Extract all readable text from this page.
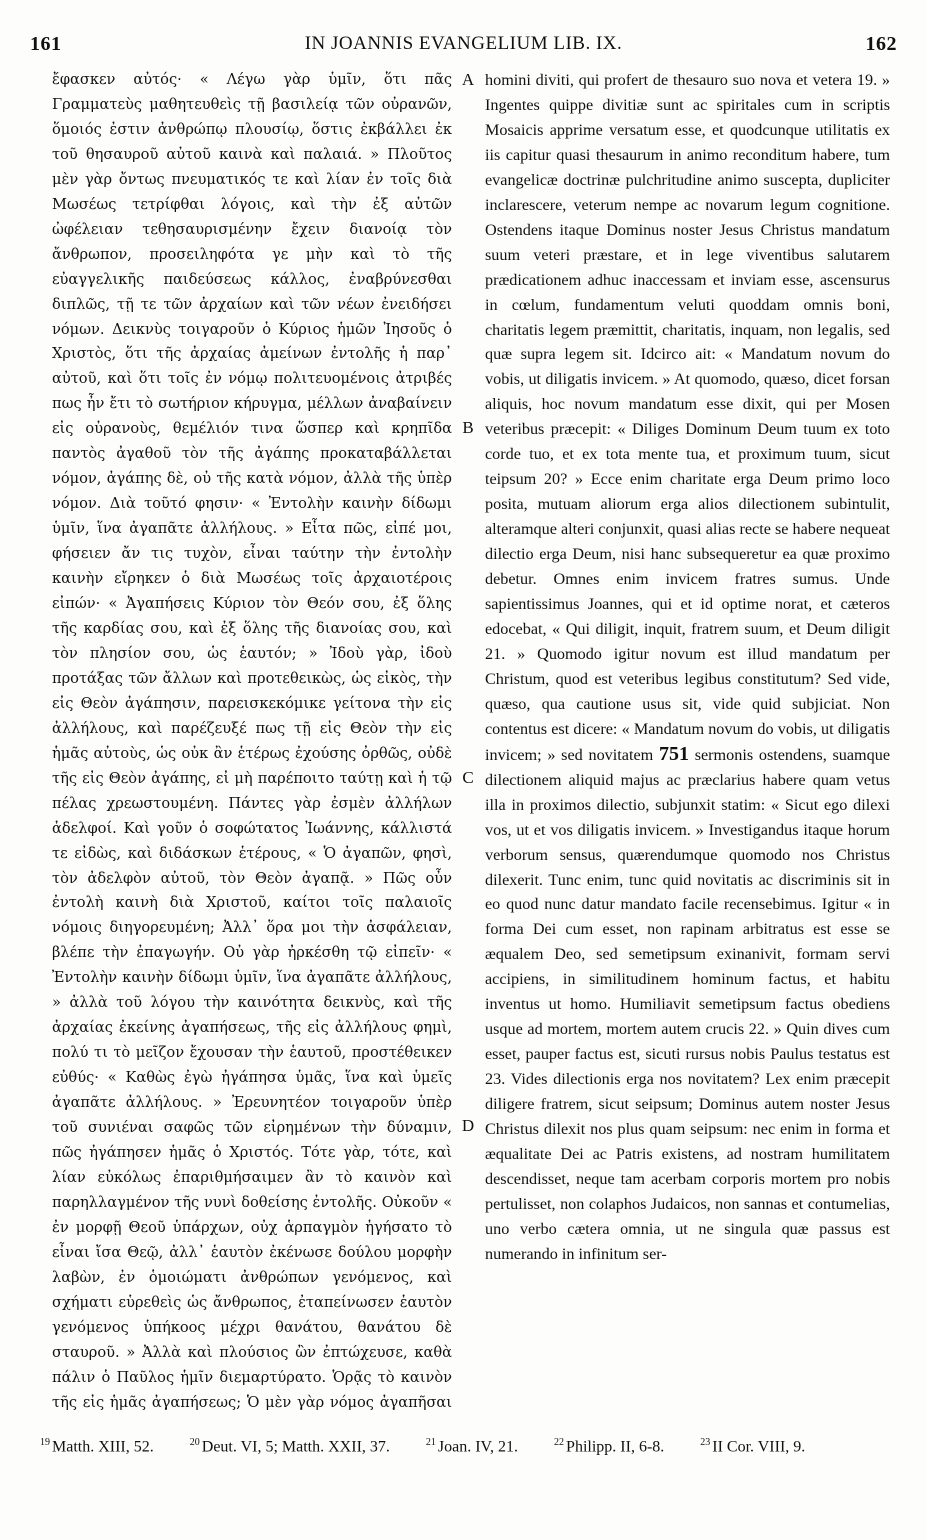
161	IN JOANNIS EVANGELIUM LIB. IX.	162

ἔφασκεν αὐτός· « Λέγω γὰρ ὑμῖν, ὅτι πᾶς Γραμματεὺς μαθητευθεὶς τῇ βασιλείᾳ τῶν οὐρανῶν, ὅμοιός ἐστιν ἀνθρώπῳ πλουσίῳ, ὅστις ἐκβάλλει ἐκ τοῦ θησαυροῦ αὐτοῦ καινὰ καὶ παλαιά. » Πλοῦτος μὲν γὰρ ὄντως πνευματικός τε καὶ λίαν ἐν τοῖς διὰ Μωσέως τετρίφθαι λόγοις, καὶ τὴν ἐξ αὐτῶν ὠφέλειαν τεθησαυρισμένην ἔχειν διανοίᾳ τὸν ἄνθρωπον, προσειληφότα γε μὴν καὶ τὸ τῆς εὐαγγελικῆς παιδεύσεως κάλλος, ἐναβρύνεσθαι διπλῶς, τῇ τε τῶν ἀρχαίων καὶ τῶν νέων ἐνειδήσει νόμων. Δεικνὺς τοιγαροῦν ὁ Κύριος ἡμῶν Ἰησοῦς ὁ Χριστὸς, ὅτι τῆς ἀρχαίας ἀμείνων ἐντολῆς ἡ παρ᾽ αὐτοῦ, καὶ ὅτι τοῖς ἐν νόμῳ πολιτευομένοις ἀτριβές πως ἦν ἔτι τὸ σωτήριον κήρυγμα, μέλλων ἀναβαίνειν εἰς οὐρανοὺς, θεμέλιόν τινα ὥσπερ καὶ κρηπῖδα παντὸς ἀγαθοῦ τὸν τῆς ἀγάπης προκαταβάλλεται νόμον, ἀγάπης δὲ, οὐ τῆς κατὰ νόμον, ἀλλὰ τῆς ὑπὲρ νόμον. Διὰ τοῦτό φησιν· « Ἐντολὴν καινὴν δίδωμι ὑμῖν, ἵνα ἀγαπᾶτε ἀλλήλους. » Εἶτα πῶς, εἰπέ μοι, φήσειεν ἄν τις τυχὸν, εἶναι ταύτην τὴν ἐντολὴν καινὴν εἴρηκεν ὁ διὰ Μωσέως τοῖς ἀρχαιοτέροις εἰπών· « Ἀγαπήσεις Κύριον τὸν Θεόν σου, ἐξ ὅλης τῆς καρδίας σου, καὶ ἐξ ὅλης τῆς διανοίας σου, καὶ τὸν πλησίον σου, ὡς ἑαυτόν; » Ἰδοὺ γὰρ, ἰδοὺ προτάξας τῶν ἄλλων καὶ προτεθεικὼς, ὡς εἰκὸς, τὴν εἰς Θεὸν ἀγάπησιν, παρεισκεκόμικε γείτονα τὴν εἰς ἀλλήλους, καὶ παρέζευξέ πως τῇ εἰς Θεὸν τὴν εἰς ἡμᾶς αὐτοὺς, ὡς οὐκ ἂν ἑτέρως ἐχούσης ὀρθῶς, οὐδὲ τῆς εἰς Θεὸν ἀγάπης, εἰ μὴ παρέποιτο ταύτῃ καὶ ἡ τῷ πέλας χρεωστουμένη. Πάντες γὰρ ἐσμὲν ἀλλήλων ἀδελφοί. Καὶ γοῦν ὁ σοφώτατος Ἰωάννης, κάλλιστά τε εἰδὼς, καὶ διδάσκων ἑτέρους, « Ὁ ἀγαπῶν, φησὶ, τὸν ἀδελφὸν αὐτοῦ, τὸν Θεὸν ἀγαπᾷ. » Πῶς οὖν ἐντολὴ καινὴ διὰ Χριστοῦ, καίτοι τοῖς παλαιοῖς νόμοις διηγορευμένη; Ἀλλ᾽ ὅρα μοι τὴν ἀσφάλειαν, βλέπε τὴν ἐπαγωγήν. Οὐ γὰρ ἠρκέσθη τῷ εἰπεῖν· « Ἐντολὴν καινὴν δίδωμι ὑμῖν, ἵνα ἀγαπᾶτε ἀλλήλους, » ἀλλὰ τοῦ λόγου τὴν καινότητα δεικνὺς, καὶ τῆς ἀρχαίας ἐκείνης ἀγαπήσεως, τῆς εἰς ἀλλήλους φημὶ, πολύ τι τὸ μεῖζον ἔχουσαν τὴν ἑαυτοῦ, προστέθεικεν εὐθύς· « Καθὼς ἐγὼ ἠγάπησα ὑμᾶς, ἵνα καὶ ὑμεῖς ἀγαπᾶτε ἀλλήλους. » Ἐρευνητέον τοιγαροῦν ὑπὲρ τοῦ συνιέναι σαφῶς τῶν εἰρημένων τὴν δύναμιν, πῶς ἠγάπησεν ἡμᾶς ὁ Χριστός. Τότε γὰρ, τότε, καὶ λίαν εὐκόλως ἐπαριθμήσαιμεν ἂν τὸ καινὸν καὶ παρηλλαγμένον τῆς νυνὶ δοθείσης ἐντολῆς. Οὐκοῦν « ἐν μορφῇ Θεοῦ ὑπάρχων, οὐχ ἁρπαγμὸν ἡγήσατο τὸ εἶναι ἴσα Θεῷ, ἀλλ᾽ ἑαυτὸν ἐκένωσε δούλου μορφὴν λαβὼν, ἐν ὁμοιώματι ἀνθρώπων γενόμενος, καὶ σχήματι εὑρεθεὶς ὡς ἄνθρωπος, ἐταπείνωσεν ἑαυτὸν γενόμενος ὑπήκοος μέχρι θανάτου, θανάτου δὲ σταυροῦ. » Ἀλλὰ καὶ πλούσιος ὢν ἐπτώχευσε, καθὰ πάλιν ὁ Παῦλος ἡμῖν διεμαρτύρατο. Ὁρᾷς τὸ καινὸν τῆς εἰς ἡμᾶς ἀγαπήσεως; Ὁ μὲν γὰρ νόμος ἀγαπῆσαι

A
B
C
D

homini diviti, qui profert de thesauro suo nova et vetera 19. » Ingentes quippe divitiæ sunt ac spiritales cum in scriptis Mosaicis apprime versatum esse, et quodcunque utilitatis ex iis capitur quasi thesaurum in animo reconditum habere, tum evangelicæ doctrinæ pulchritudine animo suscepta, dupliciter inclarescere, veterum nempe ac novarum legum cognitione. Ostendens itaque Dominus noster Jesus Christus mandatum suum veteri præstare, et in lege viventibus salutarem prædicationem adhuc inaccessam et inviam esse, ascensurus in cœlum, fundamentum veluti quoddam omnis boni, charitatis legem præmittit, charitatis, inquam, non legalis, sed quæ supra legem sit. Idcirco ait: « Mandatum novum do vobis, ut diligatis invicem. » At quomodo, quæso, dicet forsan aliquis, hoc novum mandatum esse dixit, qui per Mosen veteribus præcepit: « Diliges Dominum Deum tuum ex toto corde tuo, et ex tota mente tua, et proximum tuum, sicut teipsum 20? » Ecce enim charitate erga Deum primo loco posita, mutuam aliorum erga alios dilectionem subintulit, alteramque alteri conjunxit, quasi alias recte se habere nequeat dilectio erga Deum, nisi hanc subsequeretur ea quæ proximo debetur. Omnes enim invicem fratres sumus. Unde sapientissimus Joannes, qui et id optime norat, et cæteros edocebat, « Qui diligit, inquit, fratrem suum, et Deum diligit 21. » Quomodo igitur novum est illud mandatum per Christum, quod est veteribus legibus constitutum? Sed vide, quæso, qua cautione usus sit, vide quid subjiciat. Non contentus est dicere: « Mandatum novum do vobis, ut diligatis invicem; » sed novitatem 751 sermonis ostendens, suamque dilectionem aliquid majus ac præclarius habere quam vetus illa in proximos dilectio, subjunxit statim: « Sicut ego dilexi vos, ut et vos diligatis invicem. » Investigandus itaque horum verborum sensus, quærendumque quomodo nos Christus dilexerit. Tunc enim, tunc quid novitatis ac discriminis sit in eo quod nunc datur mandato facile recensebimus. Igitur « in forma Dei cum esset, non rapinam arbitratus est esse se æqualem Deo, sed semetipsum exinanivit, formam servi accipiens, in similitudinem hominum factus, et habitu inventus ut homo. Humiliavit semetipsum factus obediens usque ad mortem, mortem autem crucis 22. » Quin dives cum esset, pauper factus est, sicuti rursus nobis Paulus testatus est 23. Vides dilectionis erga nos novitatem? Lex enim præcepit diligere fratrem, sicut seipsum; Dominus autem noster Jesus Christus dilexit nos plus quam seipsum: nec enim in forma et æqualitate Dei ac Patris existens, ad nostram humilitatem descendisset, neque tam acerbam corporis mortem pro nobis pertulisset, non colaphos Judaicos, non sannas et contumelias, uno verbo cætera omnia, ut ne singula quæ passus est numerando in infinitum ser-

$^{19}$ Matth. XIII, 52.	$^{20}$ Deut. VI, 5; Matth. XXII, 37.	$^{21}$ Joan. IV, 21.	$^{22}$ Philipp. II, 6-8.	$^{23}$ II Cor. VIII, 9.
